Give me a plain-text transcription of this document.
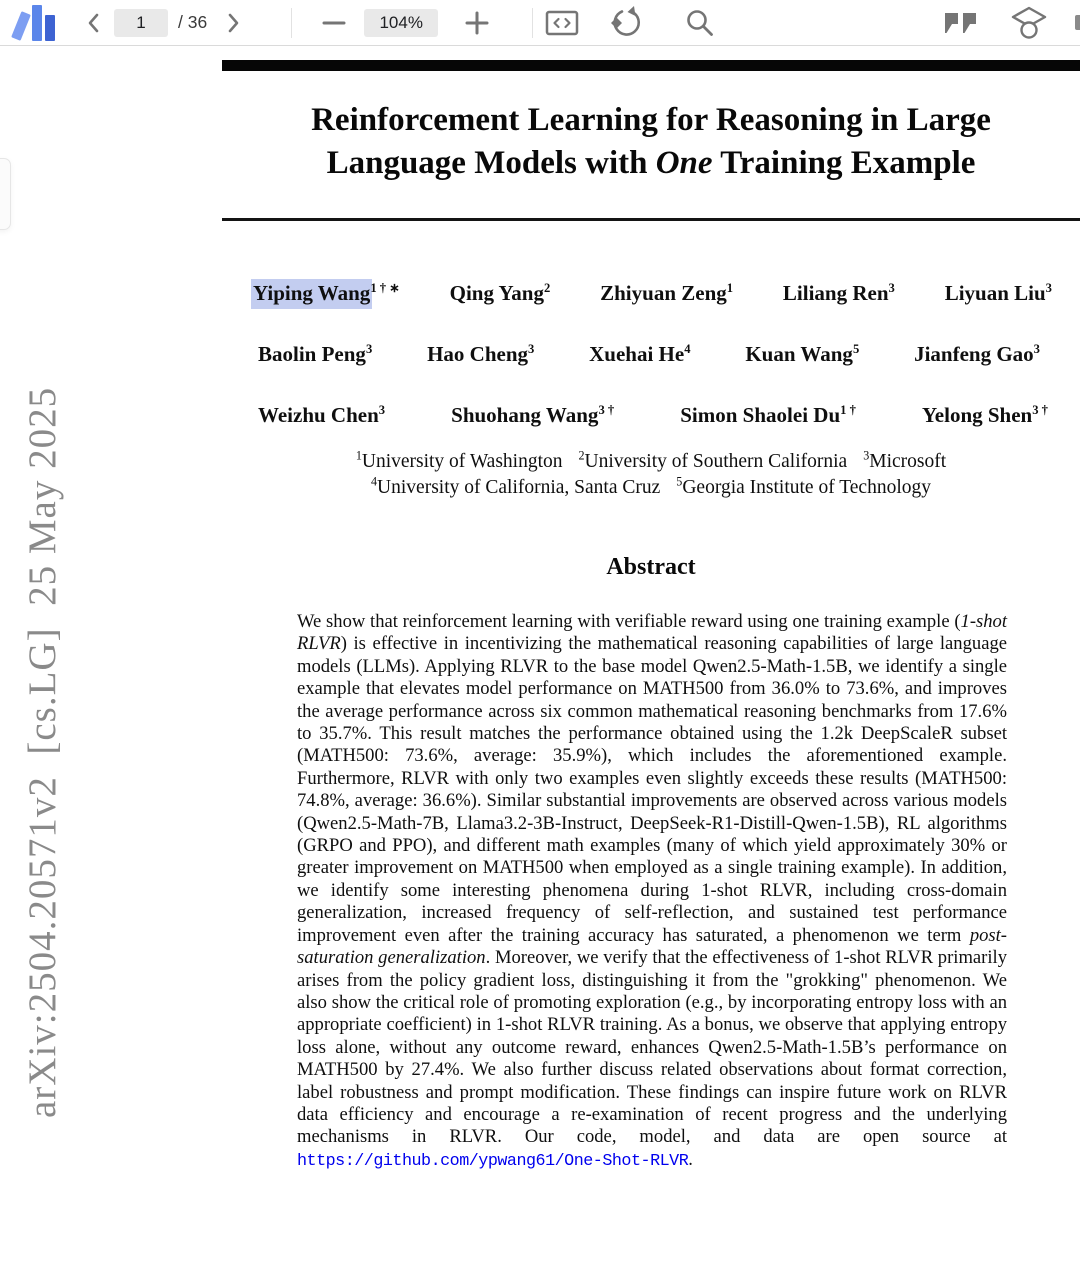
1
/ 36	104%
arXiv:2504.20571v2  [cs.LG]  25 May 2025
Reinforcement Learning for Reasoning in Large
Language Models with One Training Example
Yiping Wang$^{1 \dagger ∗}$ Qing Yang$^2$ Zhiyuan Zeng$^1$ Liliang Ren$^3$ Liyuan Liu$^3$
Baolin Peng$^3$	Hao Cheng$^3$	Xuehai He$^4$	Kuan Wang$^5$	Jianfeng Gao$^3$
Weizhu Chen$^3$	Shuohang Wang$^{3 \dagger}$	Simon Shaolei $Du^{1 \dagger}$	Yelong Shen$^{3 \dagger}$
$^1$University of Washington $^2$University of Southern California $^3$Microsoft
$^4$University of California, Santa Cruz $^5$Georgia Institute of Technology
Abstract

We show that reinforcement learning with verifiable reward using one training example (1-shot RLVR) is effective in incentivizing the mathematical reasoning capabilities of large language models (LLMs). Applying RLVR to the base model Qwen2.5-Math-1.5B, we identify a single example that elevates model performance on MATH500 from 36.0% to 73.6%, and improves the average performance across six common mathematical reasoning benchmarks from 17.6% to 35.7%. This result matches the performance obtained using the 1.2k DeepScaleR subset (MATH500: 73.6%, average: 35.9%), which includes the aforementioned example. Furthermore, RLVR with only two examples even slightly exceeds these results (MATH500: 74.8%, average: 36.6%). Similar substantial improvements are observed across various models (Qwen2.5-Math-7B, Llama3.2-3B-Instruct, DeepSeek-R1-Distill-Qwen-1.5B), RL algorithms (GRPO and PPO), and different math examples (many of which yield approximately 30% or greater improvement on MATH500 when employed as a single training example). In addition, we identify some interesting phenomena during 1-shot RLVR, including cross-domain generalization, increased frequency of self-reflection, and sustained test performance improvement even after the training accuracy has saturated, a phenomenon we term post-saturation generalization. Moreover, we verify that the effectiveness of 1-shot RLVR primarily arises from the policy gradient loss, distinguishing it from the "grokking" phenomenon. We also show the critical role of promoting exploration (e.g., by incorporating entropy loss with an appropriate coefficient) in 1-shot RLVR training. As a bonus, we observe that applying entropy loss alone, without any outcome reward, enhances Qwen2.5-Math-1.5B’s performance on MATH500 by 27.4%. We also further discuss related observations about format correction, label robustness and prompt modification. These findings can inspire future work on RLVR data efficiency and encourage a re-examination of recent progress and the underlying mechanisms in RLVR. Our code, model, and data are open source at https://github.com/ypwang61/One-Shot-RLVR.
